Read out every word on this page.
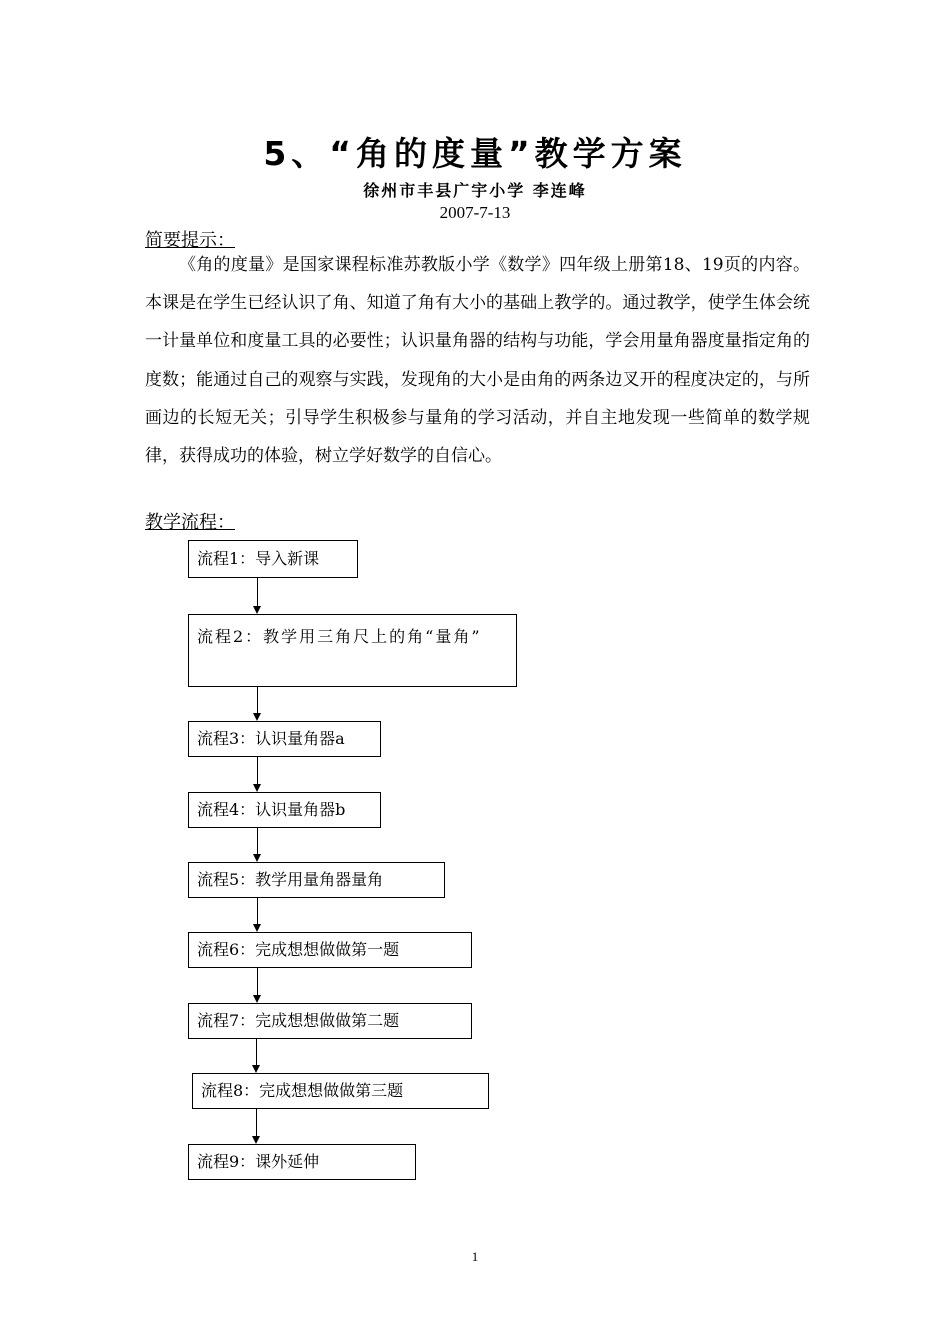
5、“角的度量”教学方案
徐州市丰县广宇小学 李连峰
2007-7-13
简要提示：
《角的度量》是国家课程标准苏教版小学《数学》四年级上册第18、19页的内容。本课是在学生已经认识了角、知道了角有大小的基础上教学的。通过教学，使学生体会统一计量单位和度量工具的必要性；认识量角器的结构与功能，学会用量角器度量指定角的度数；能通过自己的观察与实践，发现角的大小是由角的两条边叉开的程度决定的，与所画边的长短无关；引导学生积极参与量角的学习活动，并自主地发现一些简单的数学规律，获得成功的体验，树立学好数学的自信心。
教学流程：
流程1：导入新课
流程2：教学用三角尺上的角“量角”
流程3：认识量角器a
流程4：认识量角器b
流程5：教学用量角器量角
流程6：完成想想做做第一题
流程7：完成想想做做第二题
流程8：完成想想做做第三题
流程9：课外延伸
1
